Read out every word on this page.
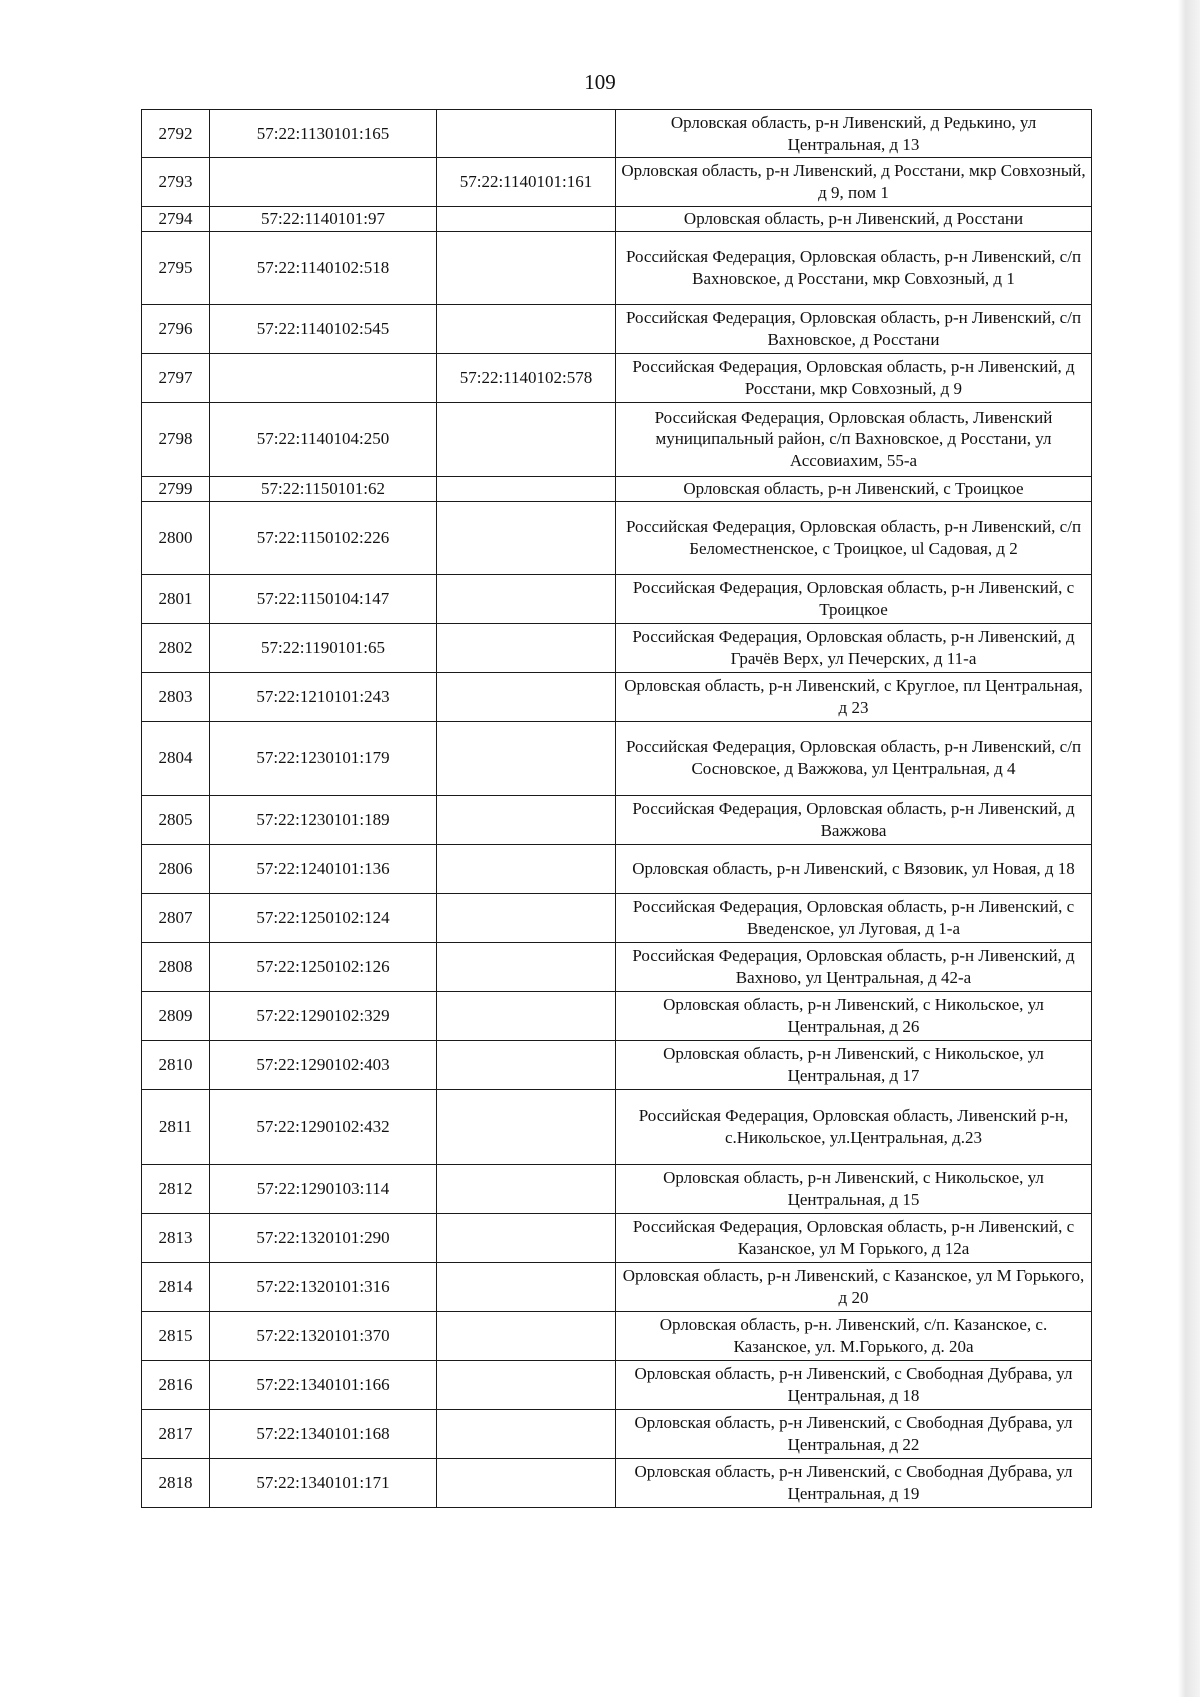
109
2792	57:22:1130101:165		Орловская область, р-н Ливенский, д Редькино, ул Центральная, д 13
2793		57:22:1140101:161	Орловская область, р-н Ливенский, д Росстани, мкр Совхозный, д 9, пом 1
2794	57:22:1140101:97		Орловская область, р-н Ливенский, д Росстани
2795	57:22:1140102:518		Российская Федерация, Орловская область, р-н Ливенский, с/п Вахновское, д Росстани, мкр Совхозный, д 1
2796	57:22:1140102:545		Российская Федерация, Орловская область, р-н Ливенский, с/п Вахновское, д Росстани
2797		57:22:1140102:578	Российская Федерация, Орловская область, р-н Ливенский, д Росстани, мкр Совхозный, д 9
2798	57:22:1140104:250		Российская Федерация, Орловская область, Ливенский муниципальный район, с/п Вахновское, д Росстани, ул Ассовиахим, 55-а
2799	57:22:1150101:62		Орловская область, р-н Ливенский, с Троицкое
2800	57:22:1150102:226		Российская Федерация, Орловская область, р-н Ливенский, с/п Беломестненское, с Троицкое, ul Садовая, д 2
2801	57:22:1150104:147		Российская Федерация, Орловская область, р-н Ливенский, с Троицкое
2802	57:22:1190101:65		Российская Федерация, Орловская область, р-н Ливенский, д Грачёв Верх, ул Печерских, д 11-а
2803	57:22:1210101:243		Орловская область, р-н Ливенский, с Круглое, пл Центральная, д 23
2804	57:22:1230101:179		Российская Федерация, Орловская область, р-н Ливенский, с/п Сосновское, д Важжова, ул Центральная, д 4
2805	57:22:1230101:189		Российская Федерация, Орловская область, р-н Ливенский, д Важжова
2806	57:22:1240101:136		Орловская область, р-н Ливенский, с Вязовик, ул Новая, д 18
2807	57:22:1250102:124		Российская Федерация, Орловская область, р-н Ливенский, с Введенское, ул Луговая, д 1-а
2808	57:22:1250102:126		Российская Федерация, Орловская область, р-н Ливенский, д Вахново, ул Центральная, д 42-а
2809	57:22:1290102:329		Орловская область, р-н Ливенский, с Никольское, ул Центральная, д 26
2810	57:22:1290102:403		Орловская область, р-н Ливенский, с Никольское, ул Центральная, д 17
2811	57:22:1290102:432		Российская Федерация, Орловская область, Ливенский р-н, с.Никольское, ул.Центральная, д.23
2812	57:22:1290103:114		Орловская область, р-н Ливенский, с Никольское, ул Центральная, д 15
2813	57:22:1320101:290		Российская Федерация, Орловская область, р-н Ливенский, с Казанское, ул М Горького, д 12а
2814	57:22:1320101:316		Орловская область, р-н Ливенский, с Казанское, ул М Горького, д 20
2815	57:22:1320101:370		Орловская область, р-н. Ливенский, с/п. Казанское, с. Казанское, ул. М.Горького, д. 20а
2816	57:22:1340101:166		Орловская область, р-н Ливенский, с Свободная Дубрава, ул Центральная, д 18
2817	57:22:1340101:168		Орловская область, р-н Ливенский, с Свободная Дубрава, ул Центральная, д 22
2818	57:22:1340101:171		Орловская область, р-н Ливенский, с Свободная Дубрава, ул Центральная, д 19
